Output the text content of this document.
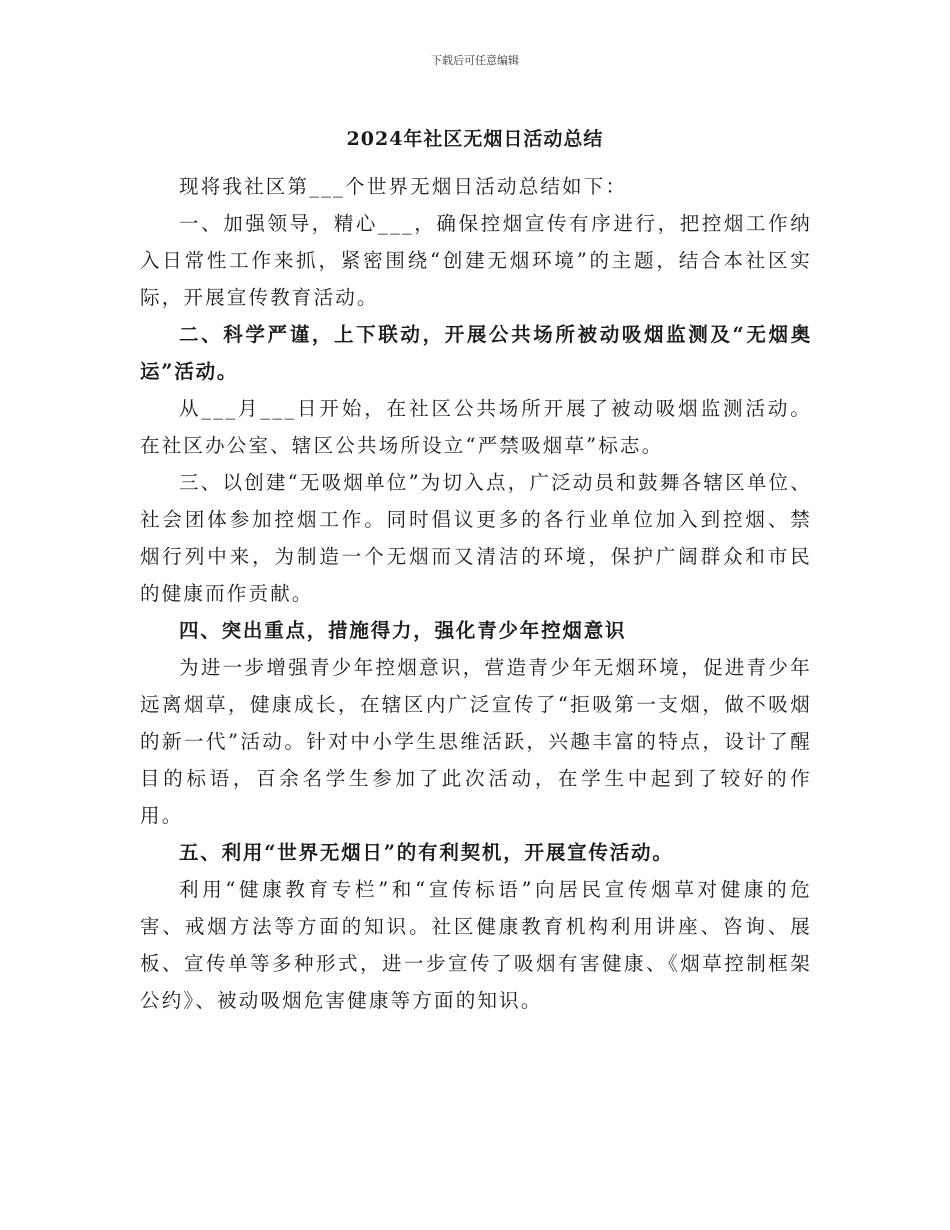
下载后可任意编辑
2024年社区无烟日活动总结

现将我社区第___个世界无烟日活动总结如下：

一、加强领导，精心___，确保控烟宣传有序进行，把控烟工作纳入日常性工作来抓，紧密围绕“创建无烟环境”的主题，结合本社区实际，开展宣传教育活动。

二、科学严谨，上下联动，开展公共场所被动吸烟监测及“无烟奥运”活动。

从___月___日开始，在社区公共场所开展了被动吸烟监测活动。在社区办公室、辖区公共场所设立“严禁吸烟草”标志。

三、以创建“无吸烟单位”为切入点，广泛动员和鼓舞各辖区单位、社会团体参加控烟工作。同时倡议更多的各行业单位加入到控烟、禁烟行列中来，为制造一个无烟而又清洁的环境，保护广阔群众和市民的健康而作贡献。

四、突出重点，措施得力，强化青少年控烟意识

为进一步增强青少年控烟意识，营造青少年无烟环境，促进青少年远离烟草，健康成长，在辖区内广泛宣传了“拒吸第一支烟，做不吸烟的新一代”活动。针对中小学生思维活跃，兴趣丰富的特点，设计了醒目的标语，百余名学生参加了此次活动，在学生中起到了较好的作用。

五、利用“世界无烟日”的有利契机，开展宣传活动。

利用“健康教育专栏”和“宣传标语”向居民宣传烟草对健康的危害、戒烟方法等方面的知识。社区健康教育机构利用讲座、咨询、展板、宣传单等多种形式，进一步宣传了吸烟有害健康、《烟草控制框架公约》、被动吸烟危害健康等方面的知识。
